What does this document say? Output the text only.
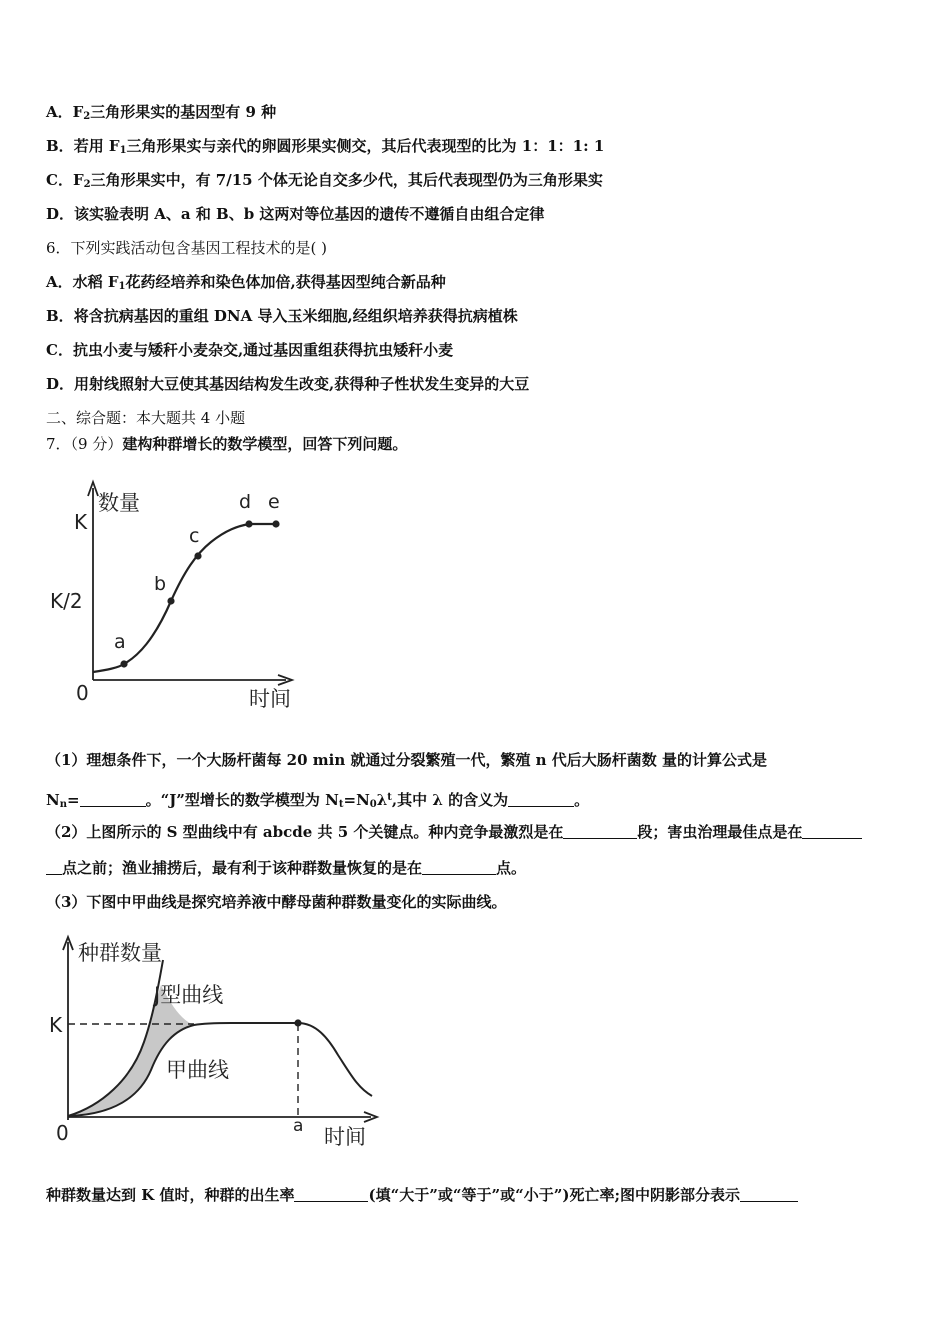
A．$F_2$三角形果实的基因型有 9 种
B．若用 $F_1$三角形果实与亲代的卵圆形果实侧交，其后代表现型的比为 1：1：1: 1
C．$F_2$三角形果实中，有 7/15 个体无论自交多少代，其后代表现型仍为三角形果实
D．该实验表明 A、a 和 B、b 这两对等位基因的遗传不遵循自由组合定律
6．下列实践活动包含基因工程技术的是( )
A．水稻 $F_1$花药经培养和染色体加倍,获得基因型纯合新品种
B．将含抗病基因的重组 DNA 导入玉米细胞,经组织培养获得抗病植株
C．抗虫小麦与矮秆小麦杂交,通过基因重组获得抗虫矮秆小麦
D．用射线照射大豆使其基因结构发生改变,获得种子性状发生变异的大豆
二、综合题：本大题共 4 小题
7．（9 分）建构种群增长的数学模型，回答下列问题。
数量
K
K/2
0	时间
a
b
c
d e
（1）理想条件下，一个大肠杆菌每 20 min 就通过分裂繁殖一代，繁殖 n 代后大肠杆菌数 量的计算公式是
$N_n=$	。“J”型增长的数学模型为 $N_t=N_0\lambda^t$,其中 λ 的含义为	。
（2）上图所示的 S 型曲线中有 abcde 共 5 个关键点。种内竞争最激烈是在	段；害虫治理最佳点是在
点之前；渔业捕捞后，最有利于该种群数量恢复的是在	点。
（3）下图中甲曲线是探究培养液中酵母菌种群数量变化的实际曲线。
种群数量
K
0	a 时间
J型曲线
甲曲线
种群数量达到 K 值时，种群的出生率	(填“大于”或“等于”或“小于”)死亡率;图中阴影部分表示
